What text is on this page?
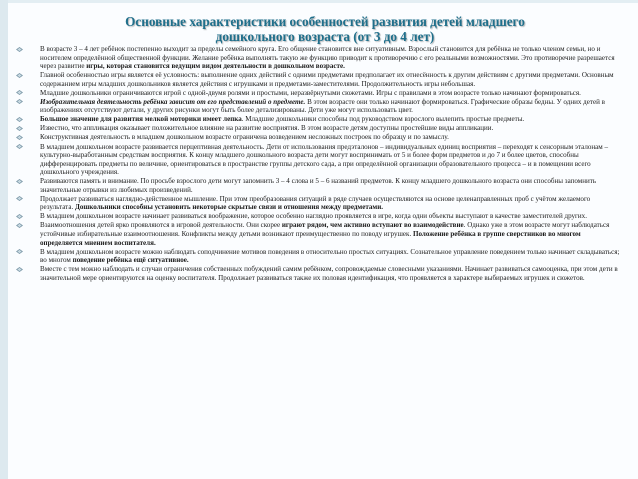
Основные характеристики особенностей развития детей младшего
дошкольного возраста (от 3 до 4 лет)
В возрасте 3 – 4 лет ребёнок постепенно выходит за пределы семейного круга. Его общение становится вне ситуативным. Взрослый становится для ребёнка не только членом семьи, но и носителем определённой общественной функции. Желание ребёнка выполнять такую же функцию приводит к противоречию с его реальными возможностями. Это противоречие разрешается через развитие игры, которая становится ведущим видом деятельности в дошкольном возрасте.
Главной особенностью игры является её условность: выполнение одних действий с одними предметами предполагает их отнесённость к другим действиям с другими предметами. Основным содержанием игры младших дошкольников является действия с игрушками и предметами-заместителями. Продолжительность игры небольшая.
Младшие дошкольники ограничиваются игрой с одной-двумя ролями и простыми, неразвёрнутыми сюжетами. Игры с правилами в этом возрасте только начинают формироваться.
Изобразительная деятельность ребёнка зависит от его представлений о предмете. В этом возрасте они только начинают формироваться. Графические образы бедны. У одних детей в изображениях отсутствуют детали, у других рисунки могут быть более детализированы. Дети уже могут использовать цвет.
Большое значение для развития мелкой моторики имеет лепка. Младшие дошкольники способны под руководством взрослого вылепить простые предметы.
Известно, что аппликация оказывает положительное влияние на развитие восприятия. В этом возрасте детям доступны простейшие виды аппликации.
Конструктивная деятельность в младшем дошкольном возрасте ограничена возведением несложных построек по образцу и по замыслу.
В младшем дошкольном возрасте развивается перцептивная деятельность. Дети от использования предэталонов – индивидуальных единиц восприятия – переходят к сенсорным эталонам – культурно-выработанным средствам восприятия. К концу младшего дошкольного возраста дети могут воспринимать от 5 и более форм предметов и до 7 и более цветов, способны дифференцировать предметы по величине, ориентироваться в пространстве группы детского сада, а при определённой организации образовательного процесса – и в помещении всего дошкольного учреждения.
Развиваются память и внимание. По просьбе взрослого дети могут запомнить 3 – 4 слова и 5 – 6 названий предметов. К концу младшего дошкольного возраста они способны запомнить значительные отрывки из любимых произведений.
Продолжает развиваться наглядно-действенное мышление. При этом преобразования ситуаций в ряде случаев осуществляются на основе целенаправленных проб с учётом желаемого результата. Дошкольники способны установить некоторые скрытые связи и отношения между предметами.
В младшем дошкольном возрасте начинает развиваться воображение, которое особенно наглядно проявляется в игре, когда одни объекты выступают в качестве заместителей других.
Взаимоотношения детей ярко проявляются в игровой деятельности. Они скорее играют рядом, чем активно вступают во взаимодействие. Однако уже в этом возрасте могут наблюдаться устойчивые избирательные взаимоотношения. Конфликты между детьми возникают преимущественно по поводу игрушек. Положение ребёнка в группе сверстников во многом определяется мнением воспитателя.
В младшем дошкольном возрасте можно наблюдать соподчинение мотивов поведения в относительно простых ситуациях. Сознательное управление поведением только начинает складываться; во многом поведение ребёнка ещё ситуативное.
Вместе с тем можно наблюдать и случаи ограничения собственных побуждений самим ребёнком, сопровождаемые словесными указаниями. Начинает развиваться самооценка, при этом дети в значительной мере ориентируются на оценку воспитателя. Продолжает развиваться также их половая идентификация, что проявляется в характере выбираемых игрушек и сюжетов.
